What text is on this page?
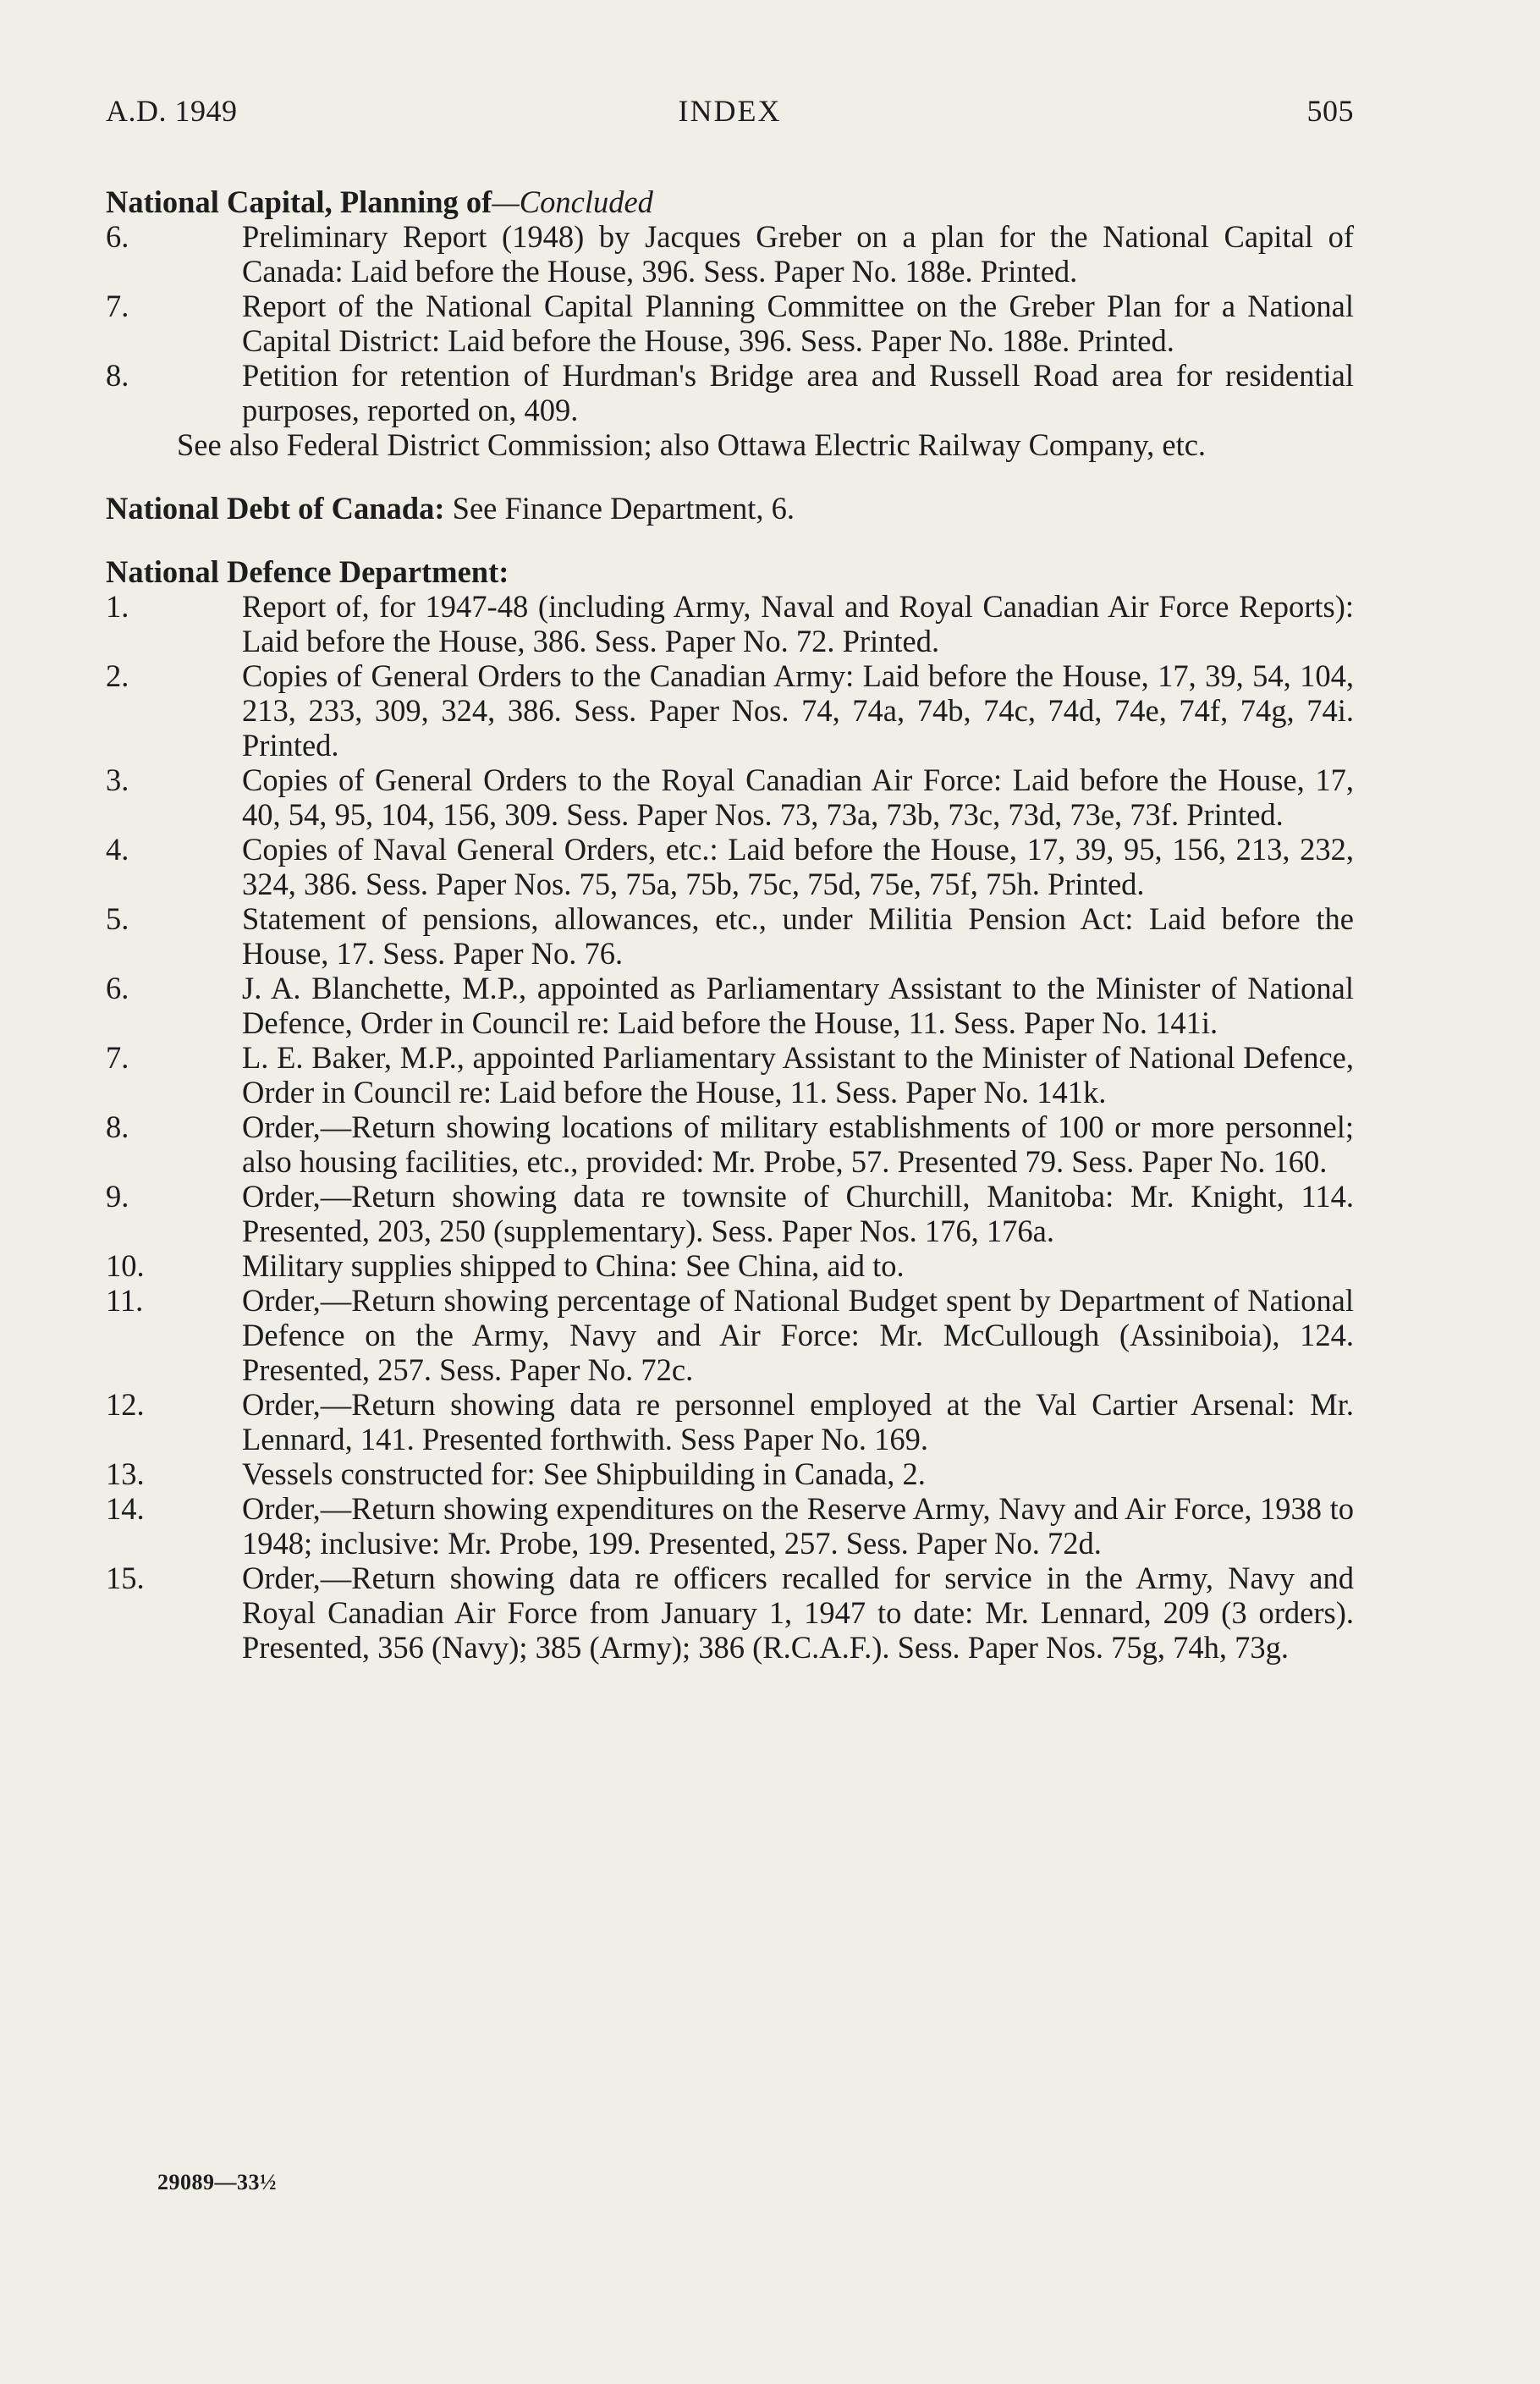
A.D. 1949	INDEX	505

National Capital, Planning of—Concluded

6.	Preliminary Report (1948) by Jacques Greber on a plan for the National Capital of Canada: Laid before the House, 396. Sess. Paper No. 188e. Printed.
7.	Report of the National Capital Planning Committee on the Greber Plan for a National Capital District: Laid before the House, 396. Sess. Paper No. 188e. Printed.
8.	Petition for retention of Hurdman's Bridge area and Russell Road area for residential purposes, reported on, 409.
See also Federal District Commission; also Ottawa Electric Railway Company, etc.

National Debt of Canada: See Finance Department, 6.

National Defence Department:

1.	Report of, for 1947-48 (including Army, Naval and Royal Canadian Air Force Reports): Laid before the House, 386. Sess. Paper No. 72. Printed.
2.	Copies of General Orders to the Canadian Army: Laid before the House, 17, 39, 54, 104, 213, 233, 309, 324, 386. Sess. Paper Nos. 74, 74a, 74b, 74c, 74d, 74e, 74f, 74g, 74i. Printed.
3.	Copies of General Orders to the Royal Canadian Air Force: Laid before the House, 17, 40, 54, 95, 104, 156, 309. Sess. Paper Nos. 73, 73a, 73b, 73c, 73d, 73e, 73f. Printed.
4.	Copies of Naval General Orders, etc.: Laid before the House, 17, 39, 95, 156, 213, 232, 324, 386. Sess. Paper Nos. 75, 75a, 75b, 75c, 75d, 75e, 75f, 75h. Printed.
5.	Statement of pensions, allowances, etc., under Militia Pension Act: Laid before the House, 17. Sess. Paper No. 76.
6.	J. A. Blanchette, M.P., appointed as Parliamentary Assistant to the Minister of National Defence, Order in Council re: Laid before the House, 11. Sess. Paper No. 141i.
7.	L. E. Baker, M.P., appointed Parliamentary Assistant to the Minister of National Defence, Order in Council re: Laid before the House, 11. Sess. Paper No. 141k.
8.	Order,—Return showing locations of military establishments of 100 or more personnel; also housing facilities, etc., provided: Mr. Probe, 57. Presented 79. Sess. Paper No. 160.
9.	Order,—Return showing data re townsite of Churchill, Manitoba: Mr. Knight, 114. Presented, 203, 250 (supplementary). Sess. Paper Nos. 176, 176a.
10.	Military supplies shipped to China: See China, aid to.
11.	Order,—Return showing percentage of National Budget spent by Department of National Defence on the Army, Navy and Air Force: Mr. McCullough (Assiniboia), 124. Presented, 257. Sess. Paper No. 72c.
12.	Order,—Return showing data re personnel employed at the Val Cartier Arsenal: Mr. Lennard, 141. Presented forthwith. Sess Paper No. 169.
13.	Vessels constructed for: See Shipbuilding in Canada, 2.
14.	Order,—Return showing expenditures on the Reserve Army, Navy and Air Force, 1938 to 1948; inclusive: Mr. Probe, 199. Presented, 257. Sess. Paper No. 72d.
15.	Order,—Return showing data re officers recalled for service in the Army, Navy and Royal Canadian Air Force from January 1, 1947 to date: Mr. Lennard, 209 (3 orders). Presented, 356 (Navy); 385 (Army); 386 (R.C.A.F.). Sess. Paper Nos. 75g, 74h, 73g.
29089—33½
